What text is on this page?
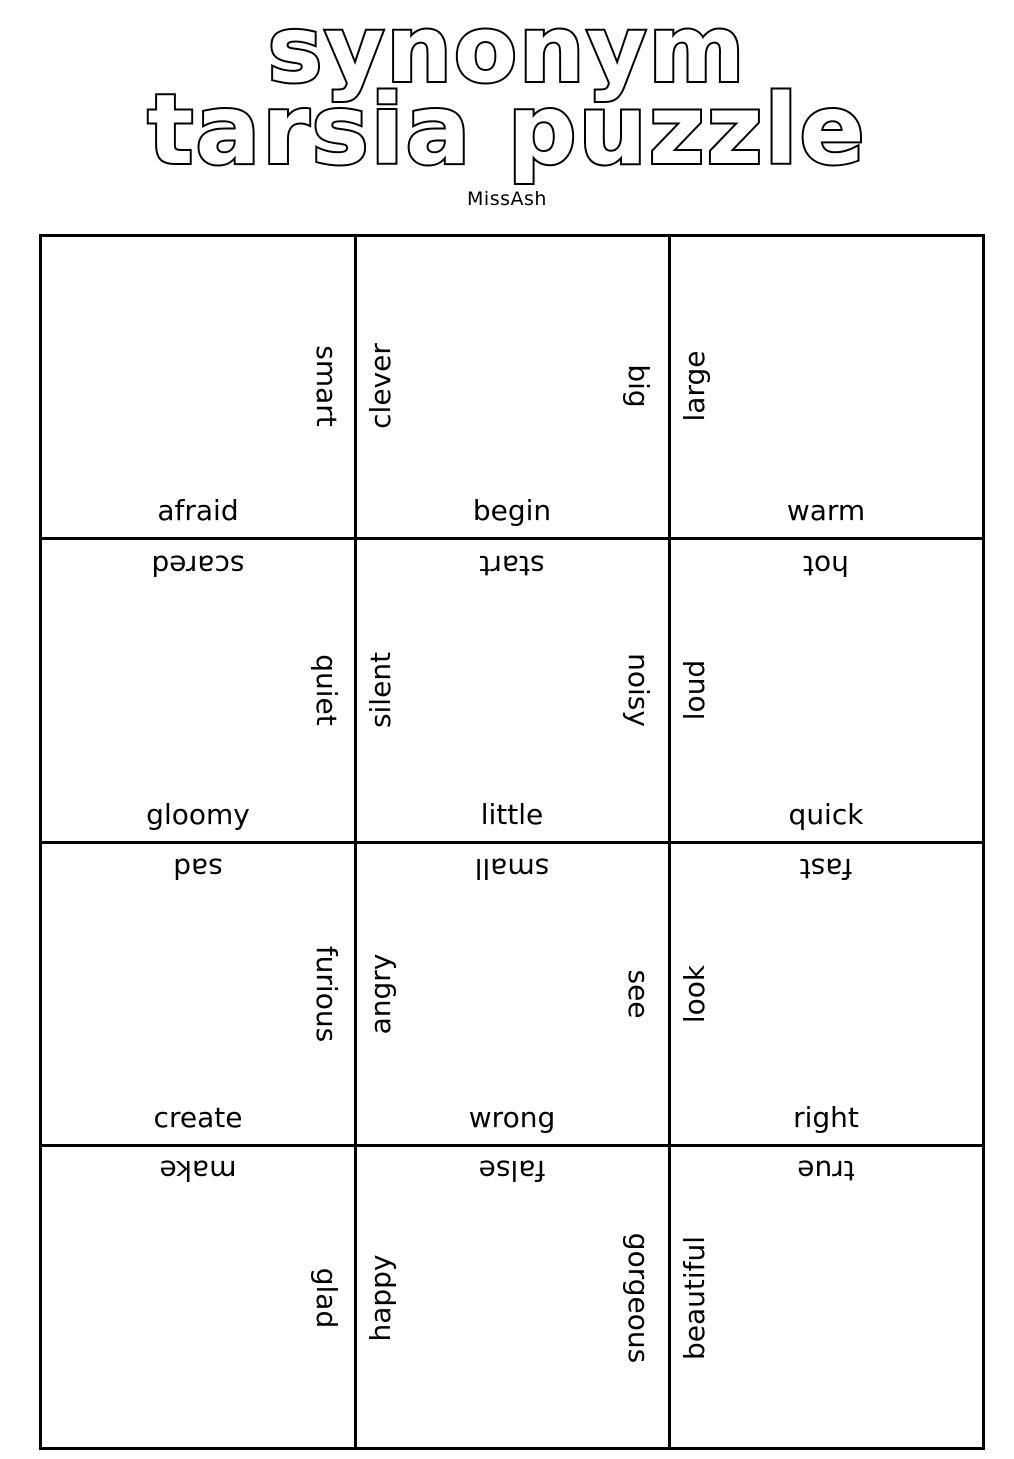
synonym
tarsia puzzle
MissAsh
smart clever	big large
afraid	begin	warm
scared	start	hot
quiet silent	noisy loud
gloomy	little	quick
sad	small	fast
furious angry	see look
create	wrong	right
make	false	true
glad happy	gorgeous beautiful
